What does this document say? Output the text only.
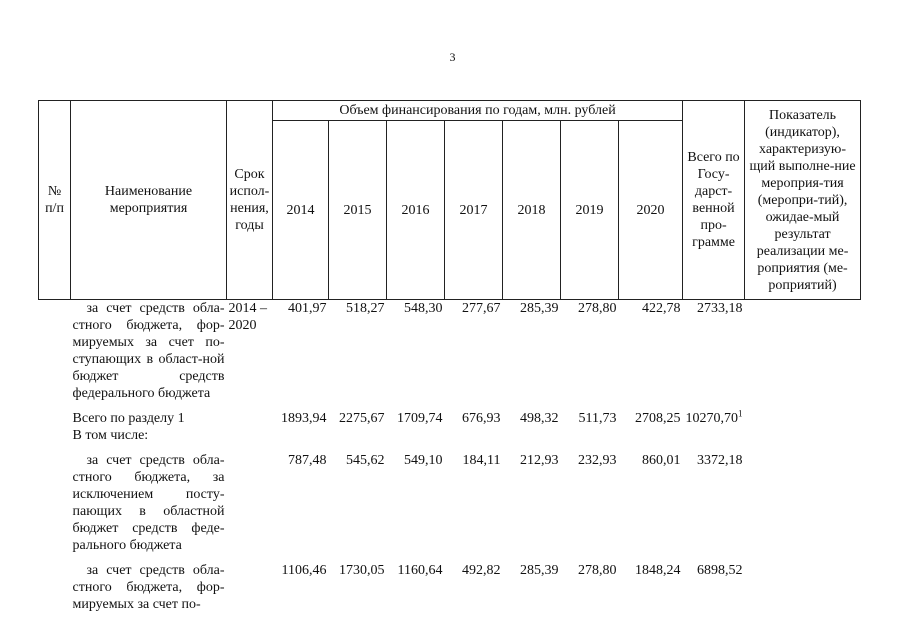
3
№ п/п	Наименование мероприятия	Срок испол-нения, годы	Объем финансирования по годам, млн. рублей							Всего по Госу-дарст-венной про-грамме	Показатель (индикатор), характеризую-щий выполне-ние мероприя-тия (меропри-тий), ожидае-мый результат реализации ме-роприятия (ме-роприятий)
			2014	2015	2016	2017	2018	2019	2020		
	за счет средств обла-стного бюджета, фор-мируемых за счет по-ступающих в област-ной бюджет средств федерального бюджета	2014 – 2020	401,97	518,27	548,30	277,67	285,39	278,80	422,78	2733,18	

	Всего по разделу 1		1893,94	2275,67	1709,74	676,93	498,32	511,73	2708,25	10270,70$^1$	
	В том числе:										

	за счет средств обла-стного бюджета, за исключением посту-пающих в областной бюджет средств феде-рального бюджета		787,48	545,62	549,10	184,11	212,93	232,93	860,01	3372,18	

	за счет средств обла-стного бюджета, фор-мируемых за счет по-		1106,46	1730,05	1160,64	492,82	285,39	278,80	1848,24	6898,52	
